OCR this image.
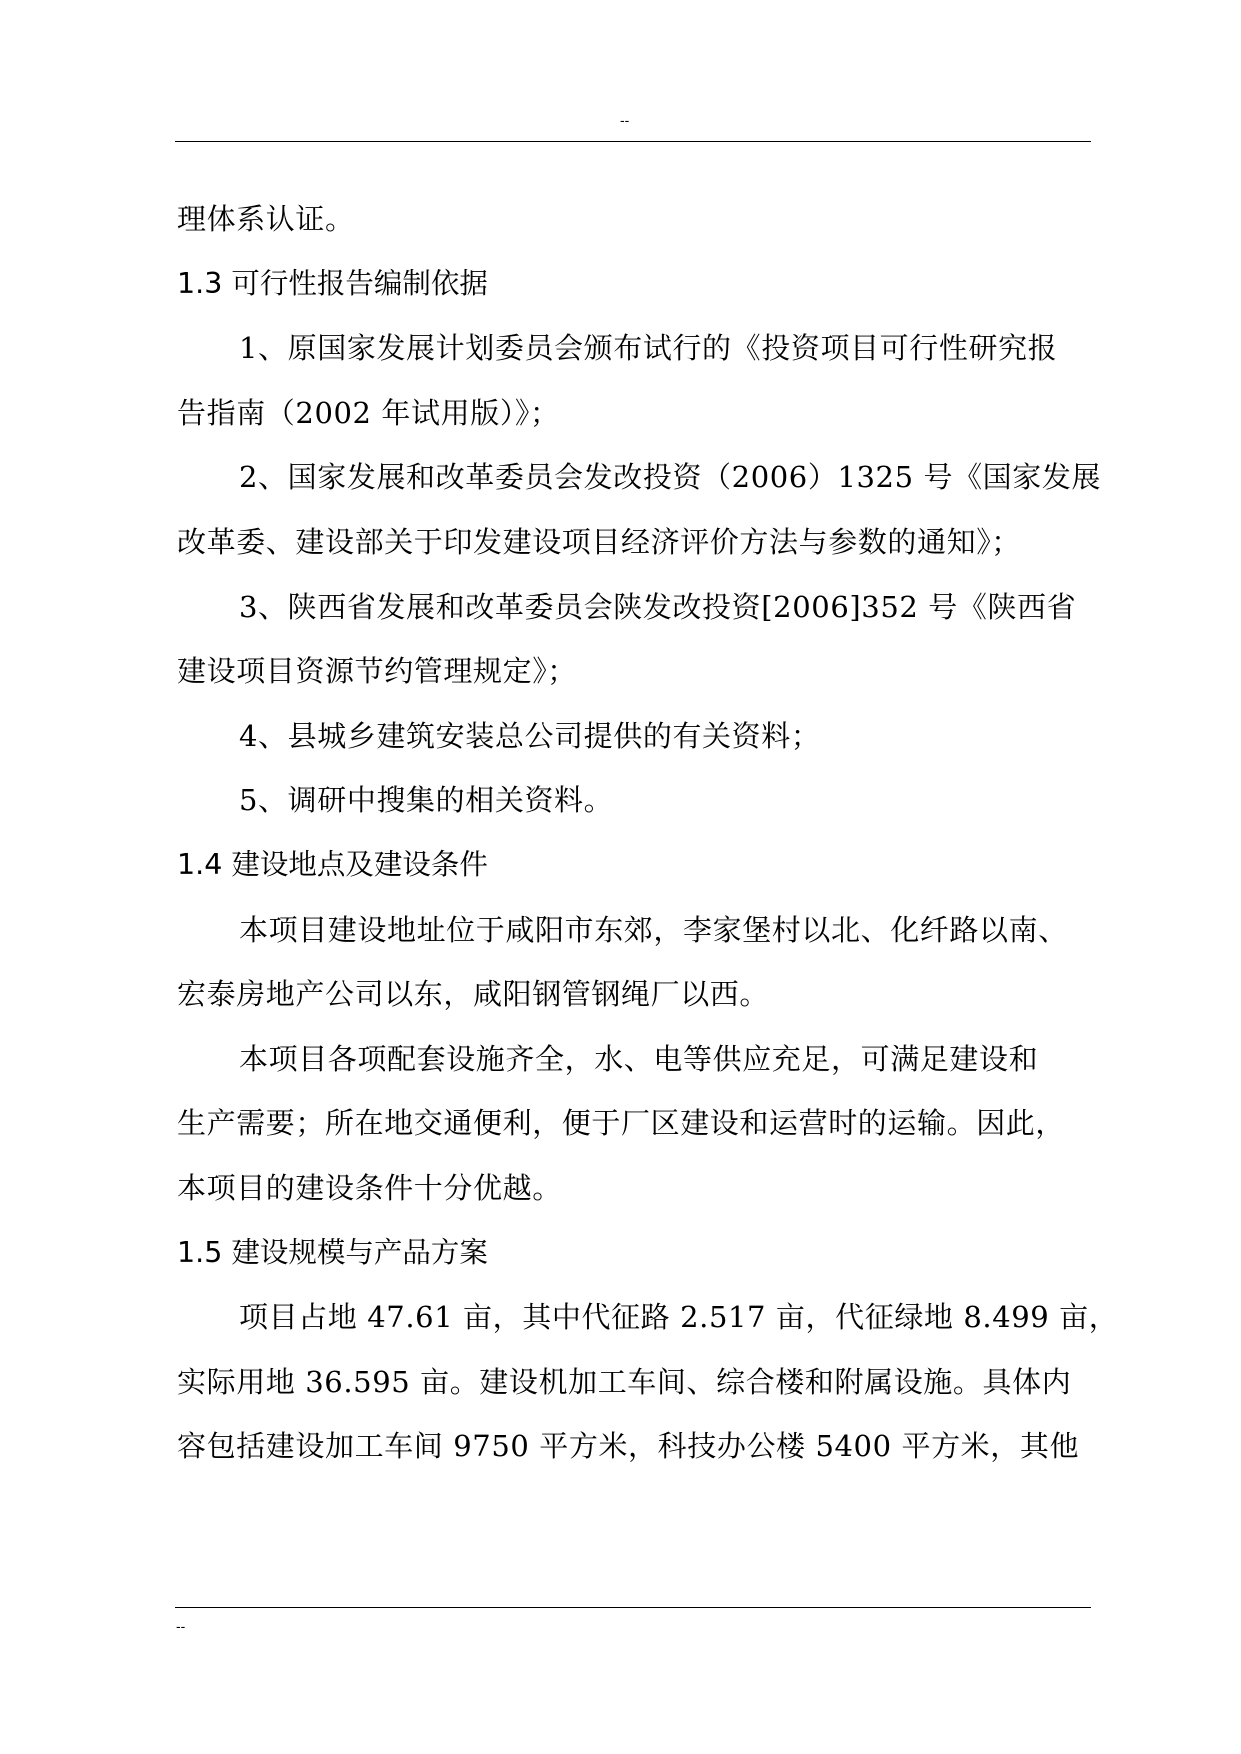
--
理体系认证。
1.3 可行性报告编制依据
1、原国家发展计划委员会颁布试行的《投资项目可行性研究报
告指南（2002 年试用版）》；
2、国家发展和改革委员会发改投资（2006）1325 号《国家发展
改革委、建设部关于印发建设项目经济评价方法与参数的通知》；
3、陕西省发展和改革委员会陕发改投资[2006]352 号《陕西省
建设项目资源节约管理规定》；
4、县城乡建筑安装总公司提供的有关资料；
5、调研中搜集的相关资料。
1.4 建设地点及建设条件
本项目建设地址位于咸阳市东郊，李家堡村以北、化纤路以南、
宏泰房地产公司以东，咸阳钢管钢绳厂以西。
本项目各项配套设施齐全，水、电等供应充足，可满足建设和
生产需要；所在地交通便利，便于厂区建设和运营时的运输。因此，
本项目的建设条件十分优越。
1.5 建设规模与产品方案
项目占地 47.61 亩，其中代征路 2.517 亩，代征绿地 8.499 亩，
实际用地 36.595 亩。建设机加工车间、综合楼和附属设施。具体内
容包括建设加工车间 9750 平方米，科技办公楼 5400 平方米，其他
--
